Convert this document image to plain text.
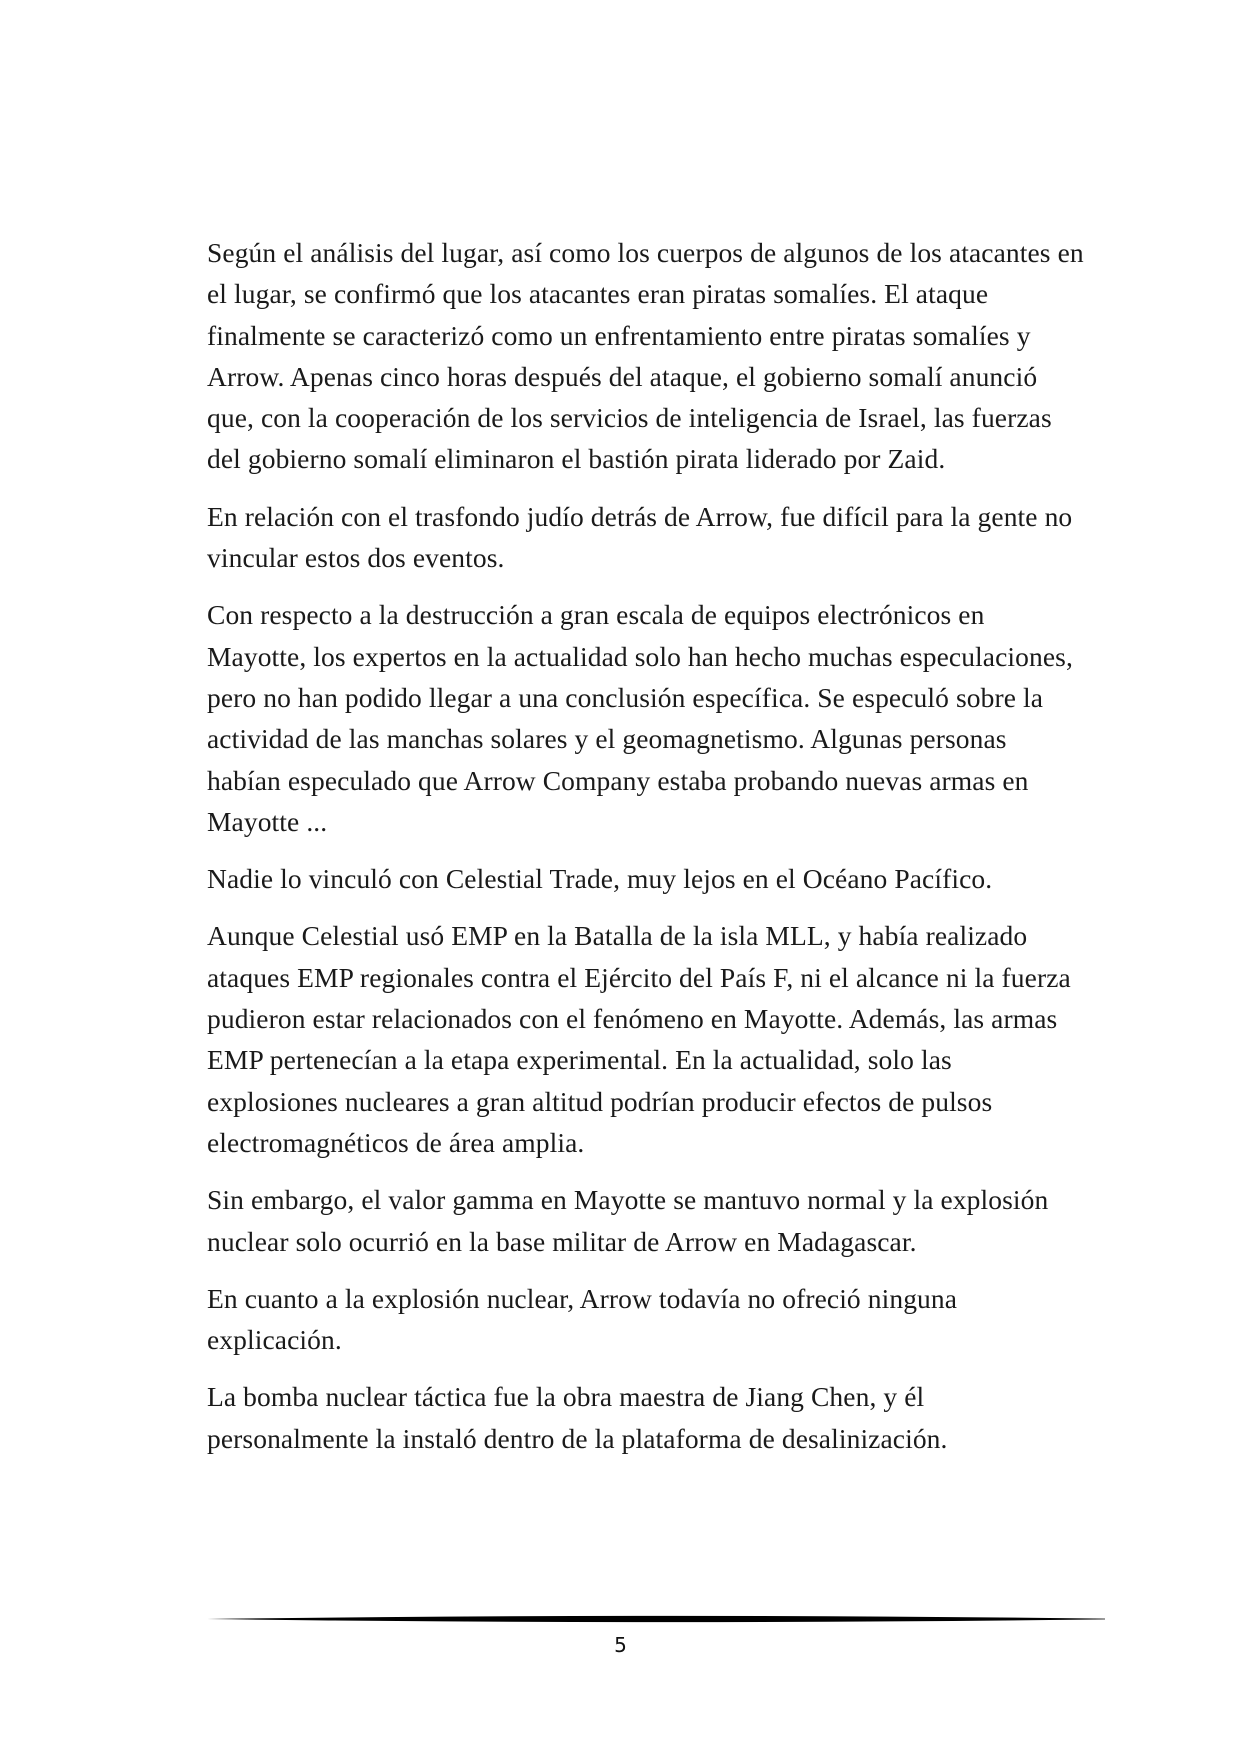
Según el análisis del lugar, así como los cuerpos de algunos de los atacantes en el lugar, se confirmó que los atacantes eran piratas somalíes. El ataque finalmente se caracterizó como un enfrentamiento entre piratas somalíes y Arrow. Apenas cinco horas después del ataque, el gobierno somalí anunció que, con la cooperación de los servicios de inteligencia de Israel, las fuerzas del gobierno somalí eliminaron el bastión pirata liderado por Zaid.

En relación con el trasfondo judío detrás de Arrow, fue difícil para la gente no vincular estos dos eventos.

Con respecto a la destrucción a gran escala de equipos electrónicos en Mayotte, los expertos en la actualidad solo han hecho muchas especulaciones, pero no han podido llegar a una conclusión específica. Se especuló sobre la actividad de las manchas solares y el geomagnetismo. Algunas personas habían especulado que Arrow Company estaba probando nuevas armas en Mayotte ...

Nadie lo vinculó con Celestial Trade, muy lejos en el Océano Pacífico.

Aunque Celestial usó EMP en la Batalla de la isla MLL, y había realizado ataques EMP regionales contra el Ejército del País F, ni el alcance ni la fuerza pudieron estar relacionados con el fenómeno en Mayotte. Además, las armas EMP pertenecían a la etapa experimental. En la actualidad, solo las explosiones nucleares a gran altitud podrían producir efectos de pulsos electromagnéticos de área amplia.

Sin embargo, el valor gamma en Mayotte se mantuvo normal y la explosión nuclear solo ocurrió en la base militar de Arrow en Madagascar.

En cuanto a la explosión nuclear, Arrow todavía no ofreció ninguna explicación.

La bomba nuclear táctica fue la obra maestra de Jiang Chen, y él personalmente la instaló dentro de la plataforma de desalinización.

5
